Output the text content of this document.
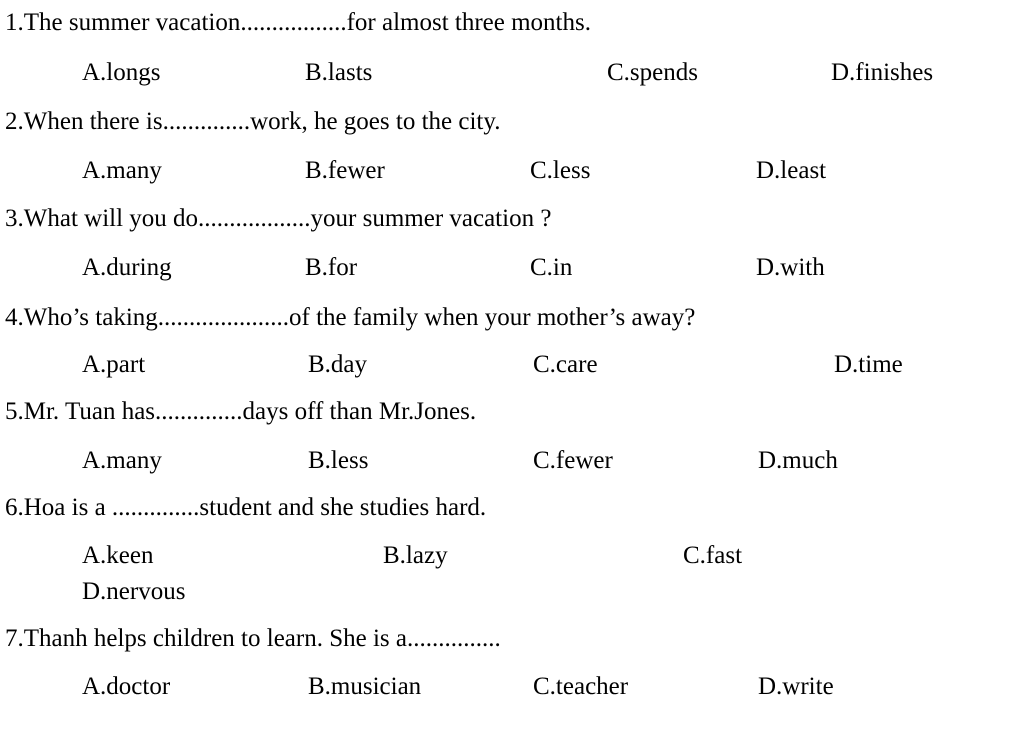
1.The summer vacation.................for almost three months.
A.longs	B.lasts	C.spends	D.finishes
2.When there is..............work, he goes to the city.
A.many	B.fewer	C.less	D.least
3.What will you do..................your summer vacation ?
A.during	B.for	C.in	D.with
4.Who’s taking.....................of the family when your mother’s away?
A.part	B.day	C.care	D.time
5.Mr. Tuan has..............days off than Mr.Jones.
A.many	B.less	C.fewer	D.much
6.Hoa is a ..............student and she studies hard.
A.keen	B.lazy	C.fast
D.nervous
7.Thanh helps children to learn. She is a...............
A.doctor	B.musician	C.teacher	D.write
